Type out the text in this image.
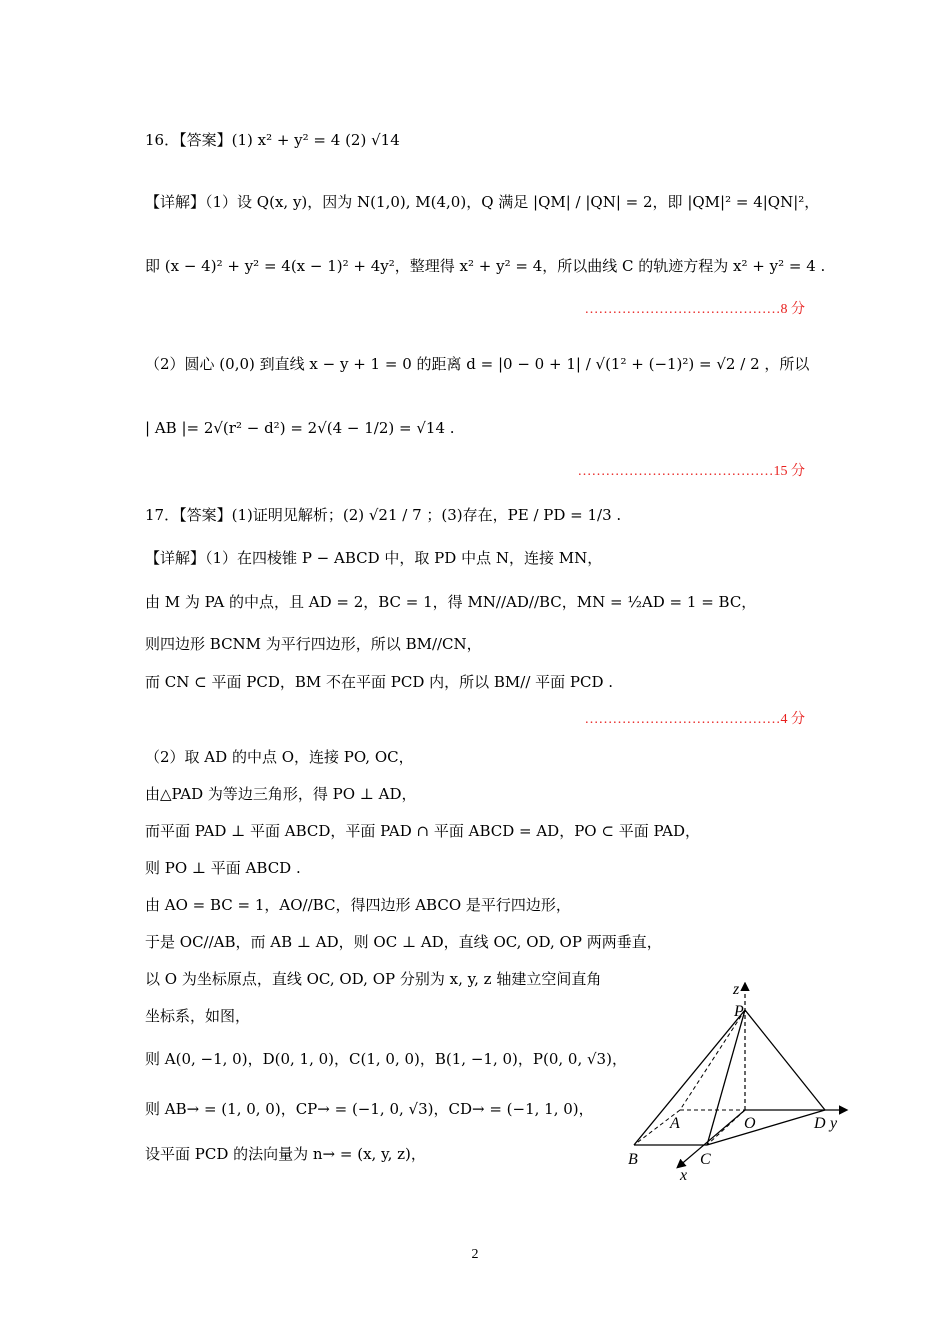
16．【答案】(1) x² + y² = 4 (2) √14
【详解】（1）设 Q(x, y)，因为 N(1,0), M(4,0)，Q 满足 |QM| / |QN| = 2，即 |QM|² = 4|QN|²，
即 (x − 4)² + y² = 4(x − 1)² + 4y²，整理得 x² + y² = 4，所以曲线 C 的轨迹方程为 x² + y² = 4 .
……………………………………8 分
（2）圆心 (0,0) 到直线 x − y + 1 = 0 的距离 d = |0 − 0 + 1| / √(1² + (−1)²) = √2 / 2 ，所以
| AB |= 2√(r² − d²) = 2√(4 − 1/2) = √14 .
……………………………………15 分
17．【答案】(1)证明见解析；(2) √21 / 7 ；(3)存在，PE / PD = 1/3 .
【详解】（1）在四棱锥 P − ABCD 中，取 PD 中点 N，连接 MN，
由 M 为 PA 的中点，且 AD = 2，BC = 1，得 MN//AD//BC，MN = ½AD = 1 = BC，
则四边形 BCNM 为平行四边形，所以 BM//CN，
而 CN ⊂ 平面 PCD，BM 不在平面 PCD 内，所以 BM// 平面 PCD .
……………………………………4 分
（2）取 AD 的中点 O，连接 PO, OC，
由△PAD 为等边三角形，得 PO ⊥ AD，
而平面 PAD ⊥ 平面 ABCD，平面 PAD ∩ 平面 ABCD = AD，PO ⊂ 平面 PAD，
则 PO ⊥ 平面 ABCD .
由 AO = BC = 1，AO//BC，得四边形 ABCO 是平行四边形，
于是 OC//AB，而 AB ⊥ AD，则 OC ⊥ AD，直线 OC, OD, OP 两两垂直，
以 O 为坐标原点，直线 OC, OD, OP 分别为 x, y, z 轴建立空间直角
坐标系，如图，
则 A(0, −1, 0)，D(0, 1, 0)，C(1, 0, 0)，B(1, −1, 0)，P(0, 0, √3)，
则 AB→ = (1, 0, 0)，CP→ = (−1, 0, √3)，CD→ = (−1, 1, 0)，
设平面 PCD 的法向量为 n→ = (x, y, z)，
z
P
A	O	D y
B	C
x
2
